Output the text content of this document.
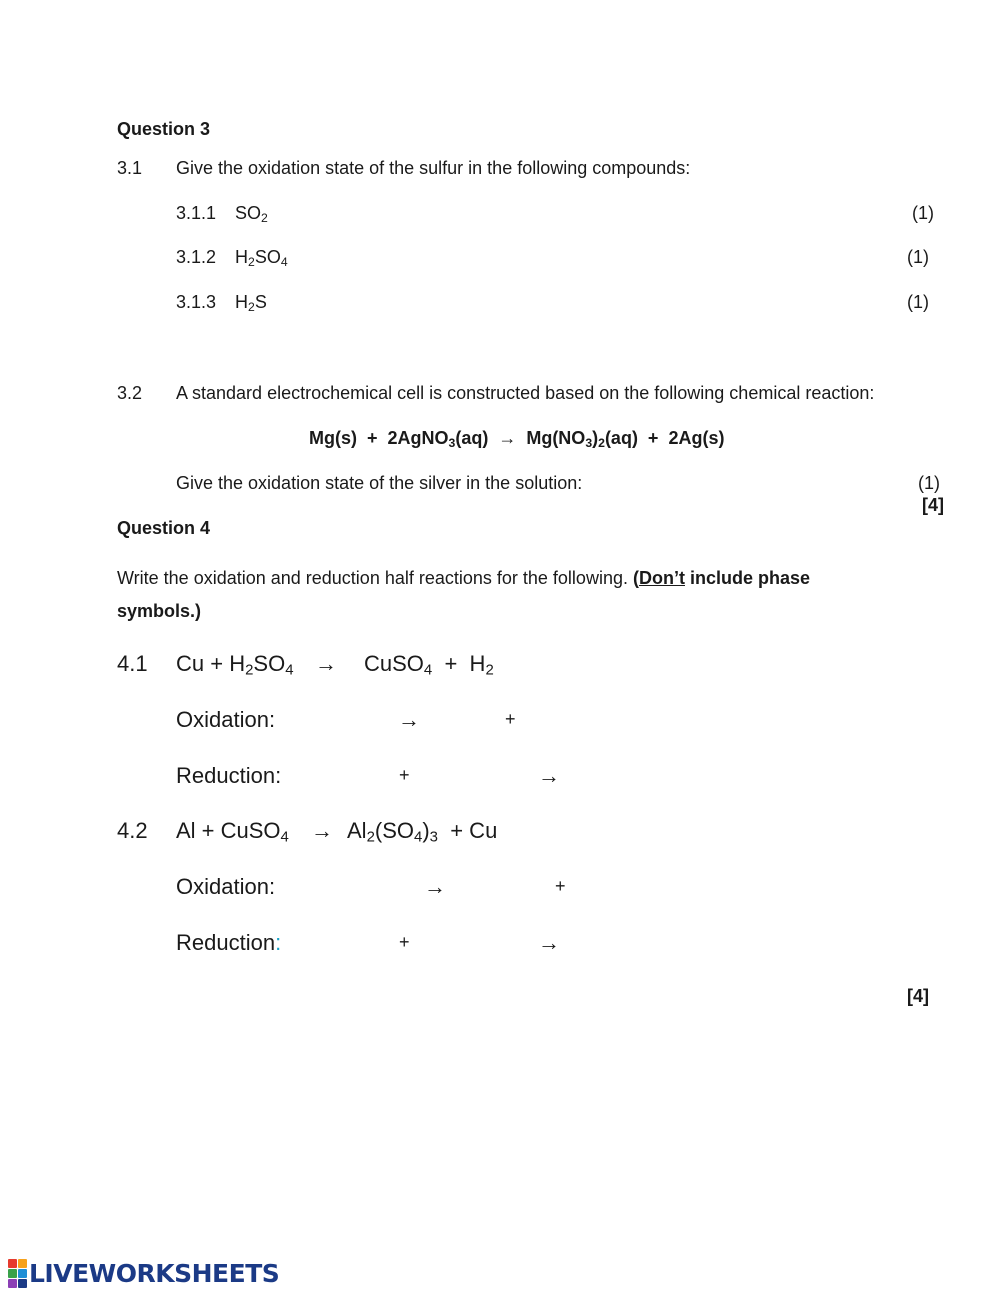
Question 3
3.1 Give the oxidation state of the sulfur in the following compounds:
3.1.1 $SO_2$	(1)
3.1.2 $H_2SO_4$	(1)
3.1.3 $H_2S$	(1)
3.2 A standard electrochemical cell is constructed based on the following chemical reaction:
Mg(s)  +  2AgNO$_3$(aq)  →  $Mg(NO_3)_2(aq) + 2Ag(s)$
Give the oxidation state of the silver in the solution:	(1)
[4]
Question 4
Write the oxidation and reduction half reactions for the following. (Don’t include phase
symbols.)
4.1 $Cu + H_2SO_4$ → CuSO$_4$  +  $H_2$
Oxidation:	→	+
Reduction:	+	→
4.2 Al + CuSO$_4$ → $Al_2(SO_4)_3 + Cu$
Oxidation:	→	+
Reduction:	+	→
[4]
LIVEWORKSHEETS
